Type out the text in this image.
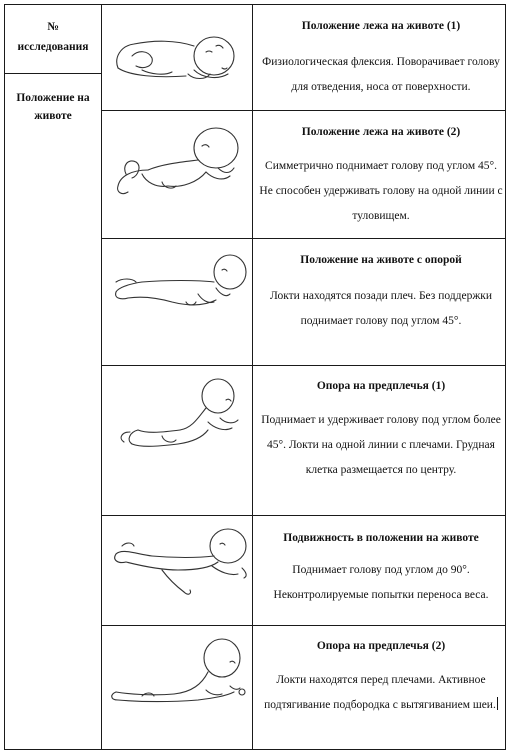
№
исследования
Положение на животе
Положение лежа на животе (1)
Физиологическая флексия. Поворачивает голову для отведения, носа от поверхности.
Положение лежа на животе (2)
Симметрично поднимает голову под углом 45°. Не способен удерживать голову на одной линии с туловищем.
Положение на животе с опорой
Локти находятся позади плеч. Без поддержки поднимает голову под углом 45°.
Опора на предплечья (1)
Поднимает и удерживает голову под углом более 45°. Локти на одной линии с плечами. Грудная клетка размещается по центру.
Подвижность в положении на животе
Поднимает голову под углом до 90°. Неконтролируемые попытки переноса веса.
Опора на предплечья (2)
Локти находятся перед плечами. Активное подтягивание подбородка с вытягиванием шеи.
